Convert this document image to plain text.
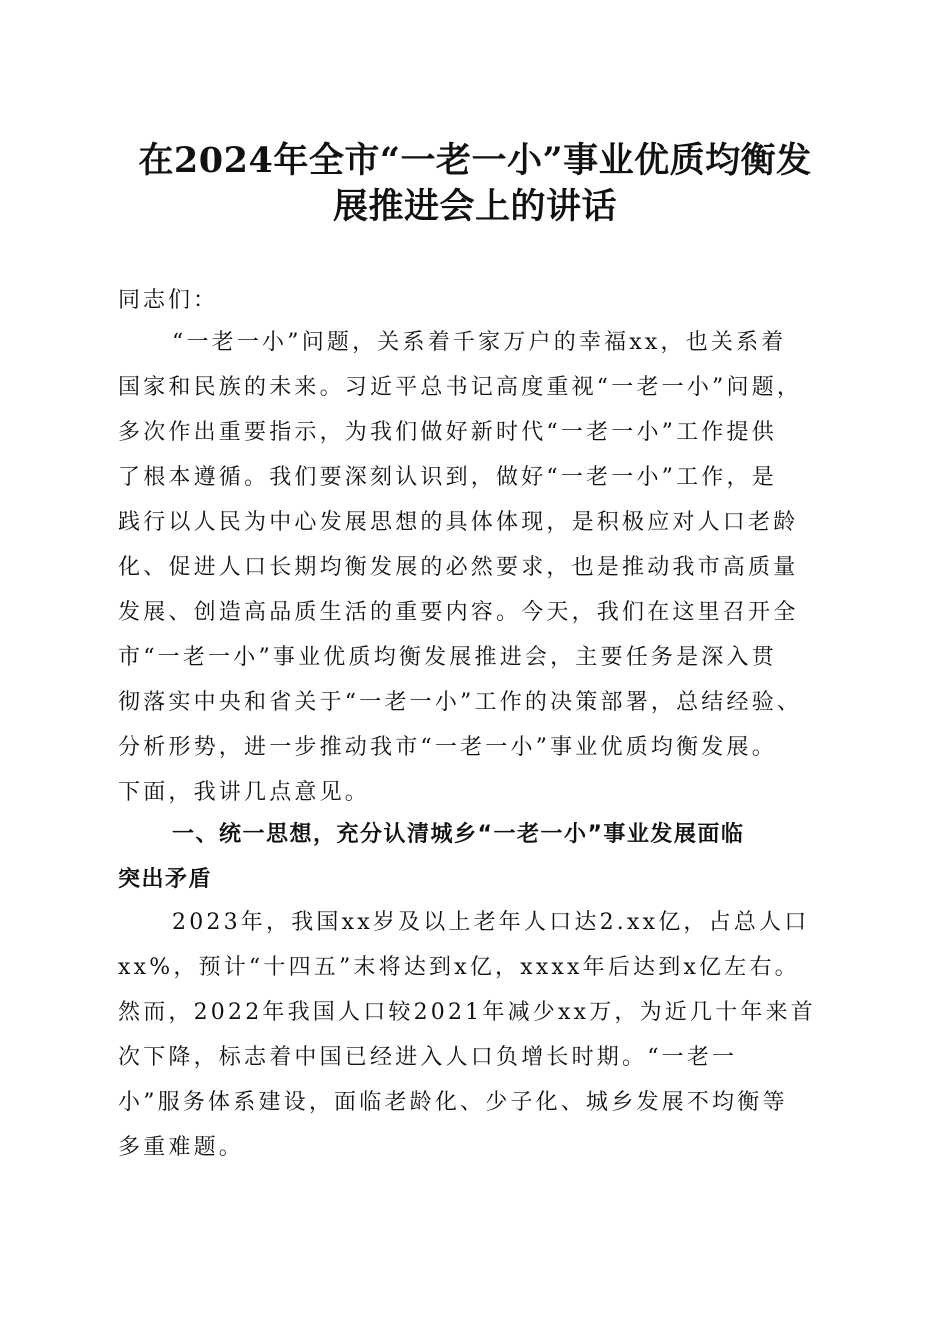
在2024年全市“一老一小”事业优质均衡发
展推进会上的讲话

同志们：

“一老一小”问题，关系着千家万户的幸福xx，也关系着
国家和民族的未来。习近平总书记高度重视“一老一小”问题，
多次作出重要指示，为我们做好新时代“一老一小”工作提供
了根本遵循。我们要深刻认识到，做好“一老一小”工作，是
践行以人民为中心发展思想的具体体现，是积极应对人口老龄
化、促进人口长期均衡发展的必然要求，也是推动我市高质量
发展、创造高品质生活的重要内容。今天，我们在这里召开全
市“一老一小”事业优质均衡发展推进会，主要任务是深入贯
彻落实中央和省关于“一老一小”工作的决策部署，总结经验、
分析形势，进一步推动我市“一老一小”事业优质均衡发展。
下面，我讲几点意见。
一、统一思想，充分认清城乡“一老一小”事业发展面临
突出矛盾
2023年，我国xx岁及以上老年人口达2.xx亿，占总人口
xx%，预计“十四五”末将达到x亿，xxxx年后达到x亿左右。
然而，2022年我国人口较2021年减少xx万，为近几十年来首
次下降，标志着中国已经进入人口负增长时期。“一老一
小”服务体系建设，面临老龄化、少子化、城乡发展不均衡等
多重难题。
